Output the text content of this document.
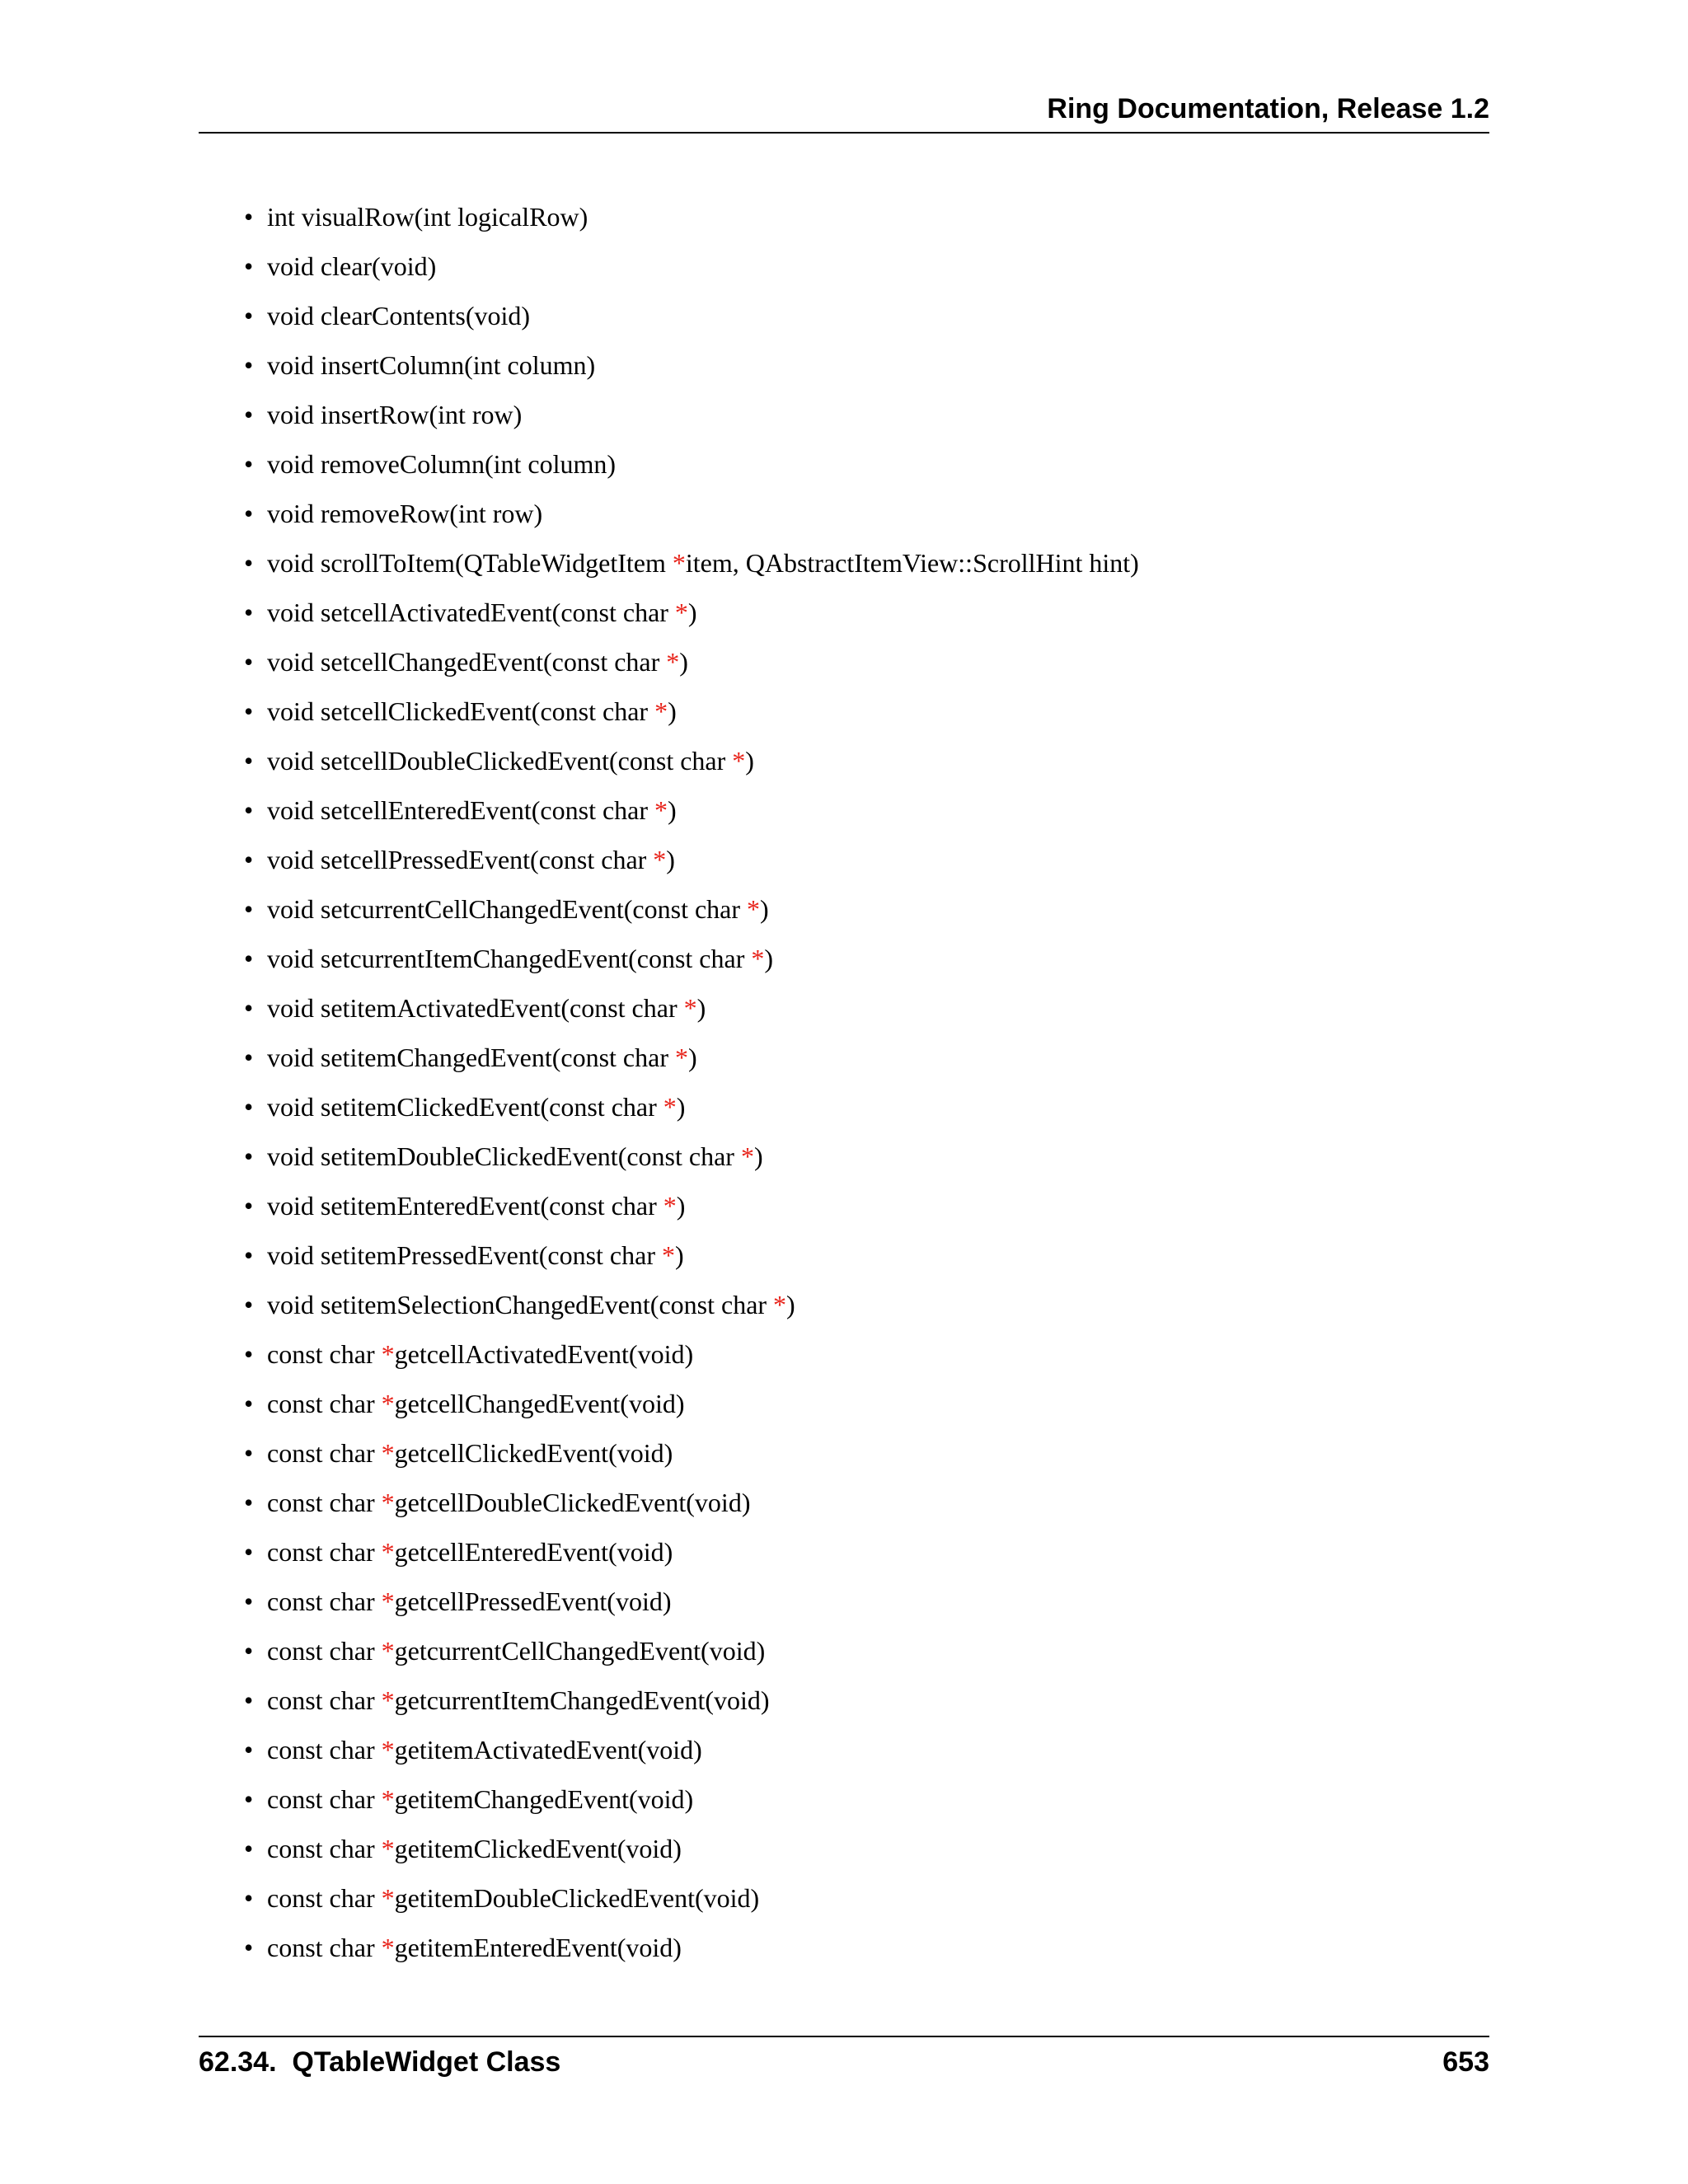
Ring Documentation, Release 1.2
• int visualRow(int logicalRow)
• void clear(void)
• void clearContents(void)
• void insertColumn(int column)
• void insertRow(int row)
• void removeColumn(int column)
• void removeRow(int row)
• void scrollToItem(QTableWidgetItem *item, QAbstractItemView::ScrollHint hint)
• void setcellActivatedEvent(const char *)
• void setcellChangedEvent(const char *)
• void setcellClickedEvent(const char *)
• void setcellDoubleClickedEvent(const char *)
• void setcellEnteredEvent(const char *)
• void setcellPressedEvent(const char *)
• void setcurrentCellChangedEvent(const char *)
• void setcurrentItemChangedEvent(const char *)
• void setitemActivatedEvent(const char *)
• void setitemChangedEvent(const char *)
• void setitemClickedEvent(const char *)
• void setitemDoubleClickedEvent(const char *)
• void setitemEnteredEvent(const char *)
• void setitemPressedEvent(const char *)
• void setitemSelectionChangedEvent(const char *)
• const char *getcellActivatedEvent(void)
• const char *getcellChangedEvent(void)
• const char *getcellClickedEvent(void)
• const char *getcellDoubleClickedEvent(void)
• const char *getcellEnteredEvent(void)
• const char *getcellPressedEvent(void)
• const char *getcurrentCellChangedEvent(void)
• const char *getcurrentItemChangedEvent(void)
• const char *getitemActivatedEvent(void)
• const char *getitemChangedEvent(void)
• const char *getitemClickedEvent(void)
• const char *getitemDoubleClickedEvent(void)
• const char *getitemEnteredEvent(void)
62.34.  QTableWidget Class	653
